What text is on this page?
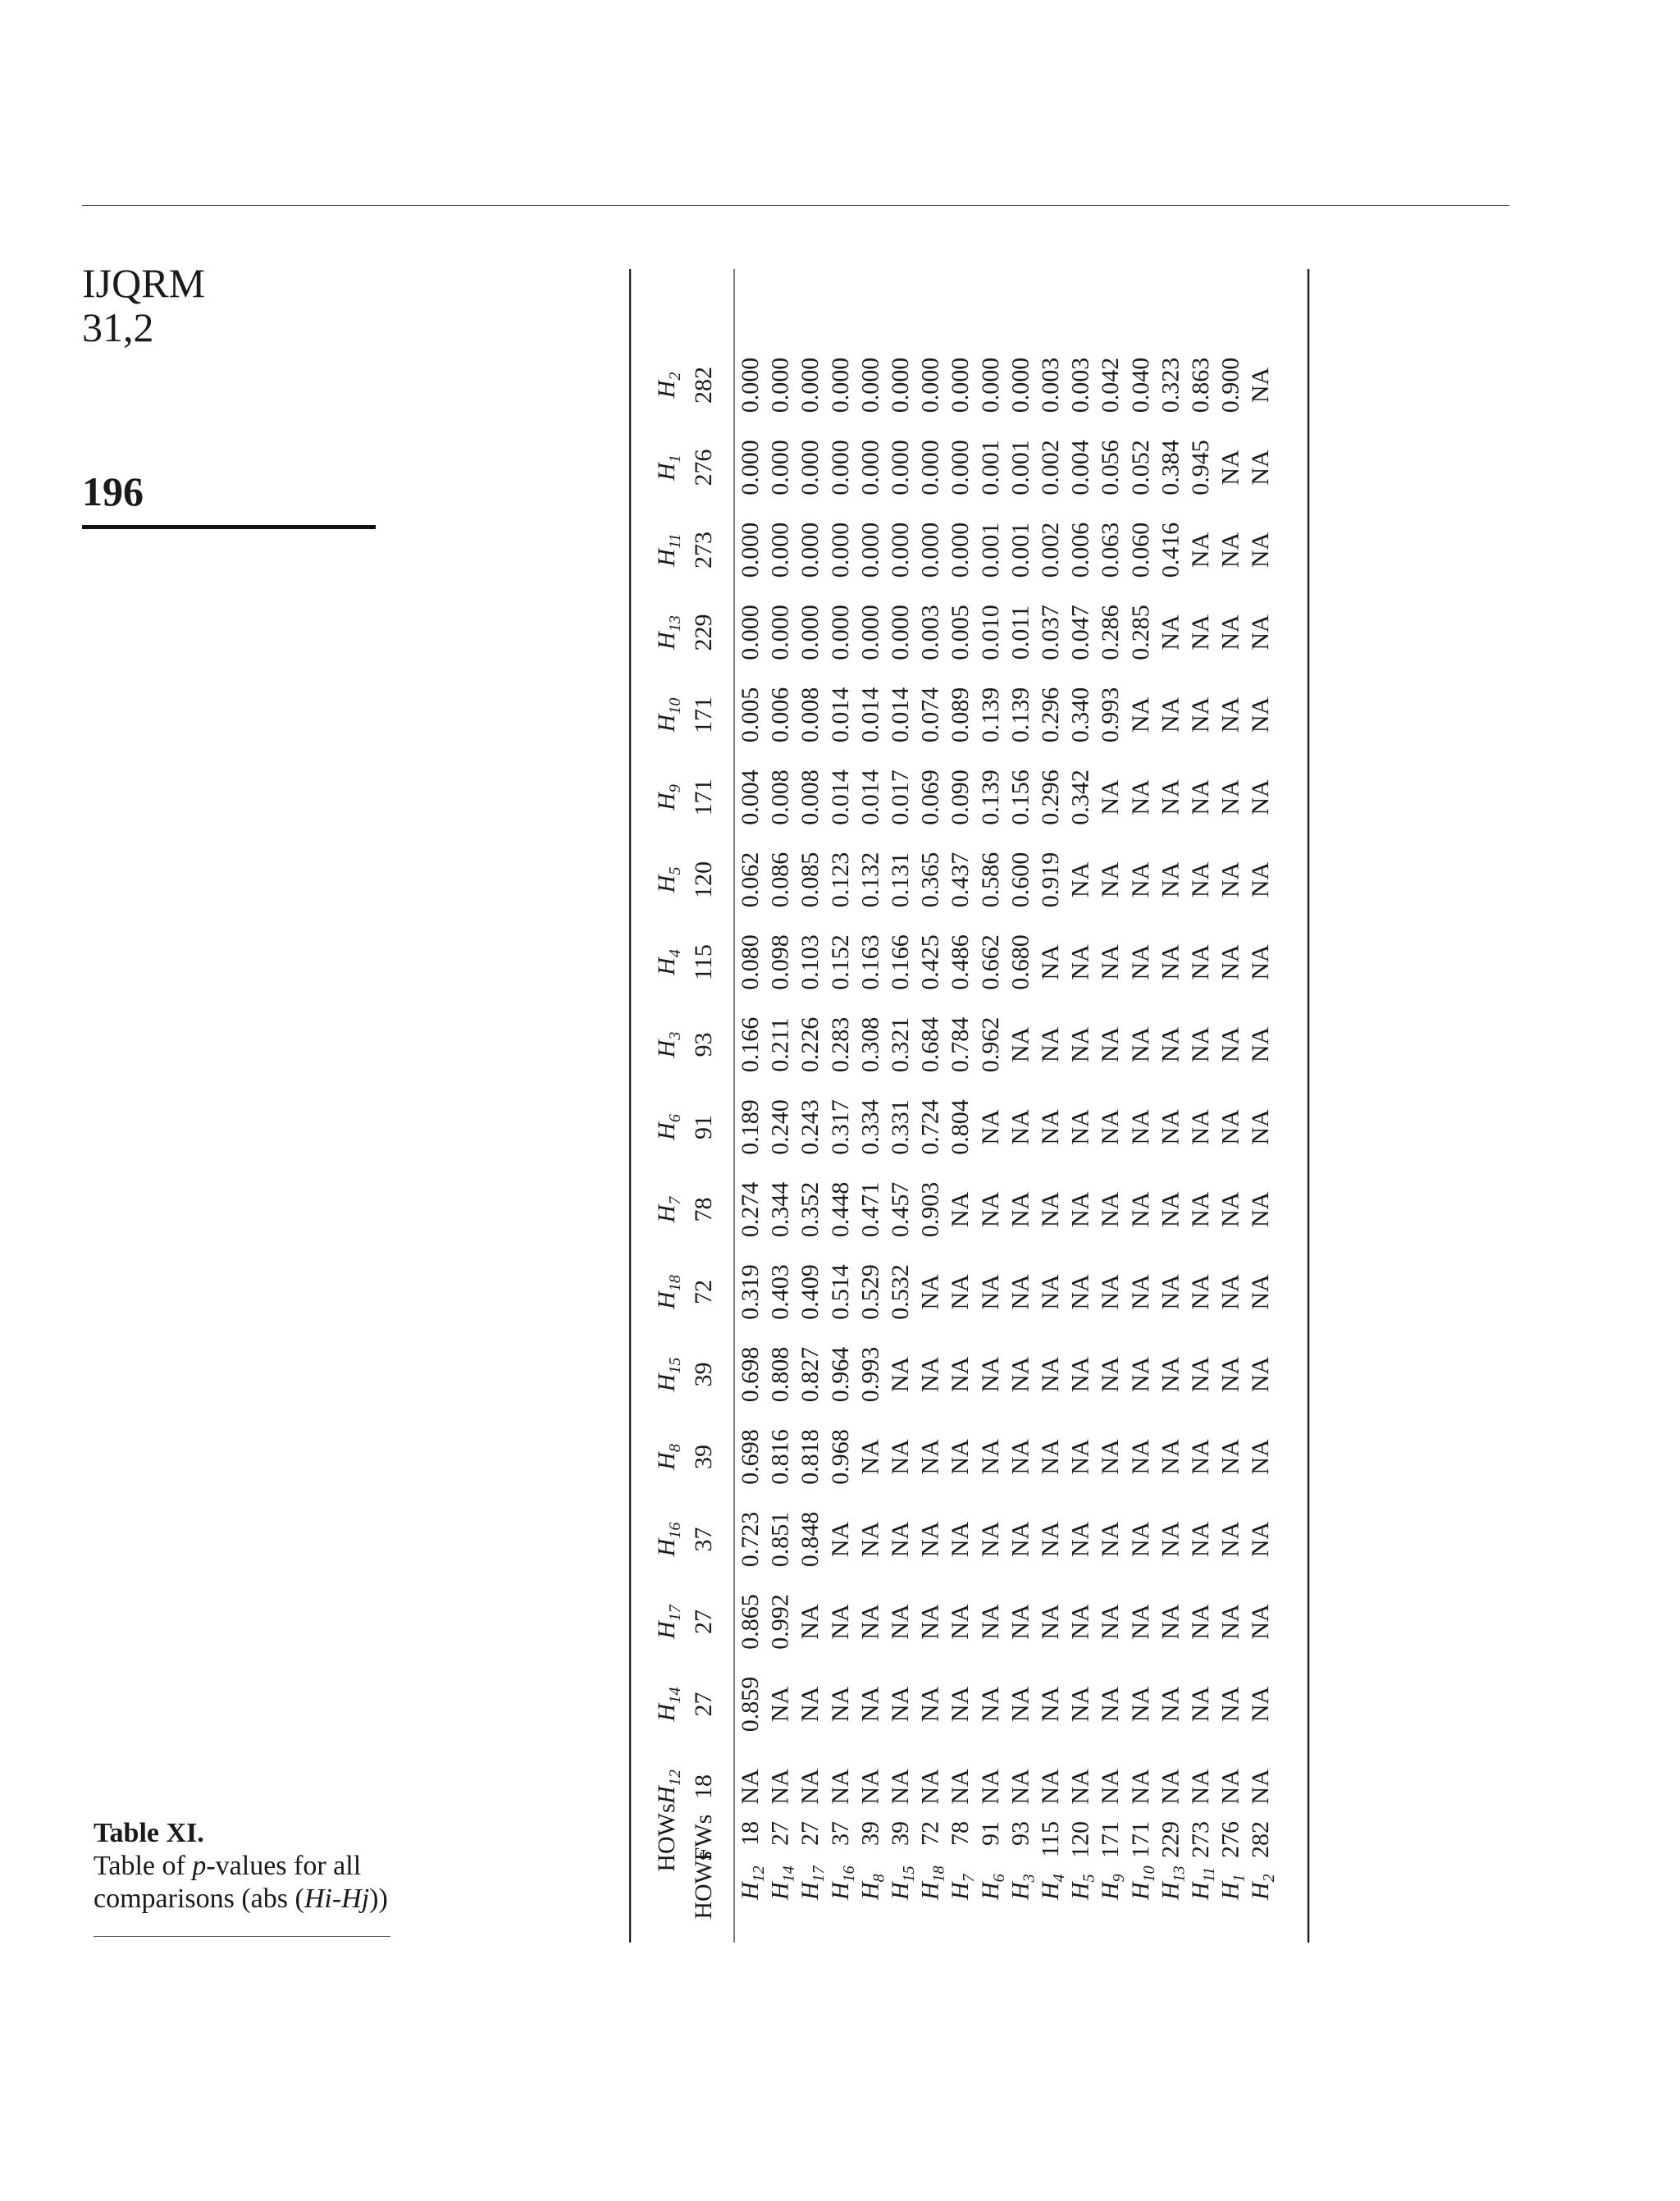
IJQRM
31,2
196
Table XI.
Table of p-values for all
comparisons (abs (Hi-Hj))	HOWs
HOWs FWs
$H_{12}$ 18
$H_{14}$ 27
$H_{17}$ 27
$H_{16}$ 37
$H_8$ 39
$H_{15}$ 39
$H_{18}$ 72
$H_7$ 78
$H_6$ 91
$H_3$ 93
$H_4$ 115
$H_5$ 120
$H_9$ 171
$H_{10}$ 171
$H_{13}$ 229
$H_{11}$ 273
$H_1$ 276
$H_2$ 282
$H_{12}$
18
NA
0.859
0.865
0.723
0.698
0.698
0.319
0.274
0.189
0.166
0.080
0.062
0.004
0.005
0.000
0.000
0.000
0.000
$H_{14}$
27
NA
NA
0.992
0.851
0.816
0.808
0.403
0.344
0.240
0.211
0.098
0.086
0.008
0.006
0.000
0.000
0.000
0.000
$H_{17}$
27
NA
NA
NA
0.848
0.818
0.827
0.409
0.352
0.243
0.226
0.103
0.085
0.008
0.008
0.000
0.000
0.000
0.000
$H_{16}$
37
NA
NA
NA
NA
0.968
0.964
0.514
0.448
0.317
0.283
0.152
0.123
0.014
0.014
0.000
0.000
0.000
0.000
$H_8$
39
NA
NA
NA
NA
NA
0.993
0.529
0.471
0.334
0.308
0.163
0.132
0.014
0.014
0.000
0.000
0.000
0.000
$H_{15}$
39
NA
NA
NA
NA
NA
NA
0.532
0.457
0.331
0.321
0.166
0.131
0.017
0.014
0.000
0.000
0.000
0.000
$H_{18}$
72
NA
NA
NA
NA
NA
NA
NA
0.903
0.724
0.684
0.425
0.365
0.069
0.074
0.003
0.000
0.000
0.000
$H_7$
78
NA
NA
NA
NA
NA
NA
NA
NA
0.804
0.784
0.486
0.437
0.090
0.089
0.005
0.000
0.000
0.000
$H_6$
91
NA
NA
NA
NA
NA
NA
NA
NA
NA
0.962
0.662
0.586
0.139
0.139
0.010
0.001
0.001
0.000
$H_3$
93
NA
NA
NA
NA
NA
NA
NA
NA
NA
NA
0.680
0.600
0.156
0.139
0.011
0.001
0.001
0.000
$H_4$
115
NA
NA
NA
NA
NA
NA
NA
NA
NA
NA
NA
0.919
0.296
0.296
0.037
0.002
0.002
0.003
$H_5$
120
NA
NA
NA
NA
NA
NA
NA
NA
NA
NA
NA
NA
0.342
0.340
0.047
0.006
0.004
0.003
$H_9$
171
NA
NA
NA
NA
NA
NA
NA
NA
NA
NA
NA
NA
NA
0.993
0.286
0.063
0.056
0.042
$H_{10}$
171
NA
NA
NA
NA
NA
NA
NA
NA
NA
NA
NA
NA
NA
NA
0.285
0.060
0.052
0.040
$H_{13}$
229
NA
NA
NA
NA
NA
NA
NA
NA
NA
NA
NA
NA
NA
NA
NA
0.416
0.384
0.323
$H_{11}$
273
NA
NA
NA
NA
NA
NA
NA
NA
NA
NA
NA
NA
NA
NA
NA
NA
0.945
0.863
$H_1$
276
NA
NA
NA
NA
NA
NA
NA
NA
NA
NA
NA
NA
NA
NA
NA
NA
NA
0.900
$H_2$
282
NA
NA
NA
NA
NA
NA
NA
NA
NA
NA
NA
NA
NA
NA
NA
NA
NA
NA
